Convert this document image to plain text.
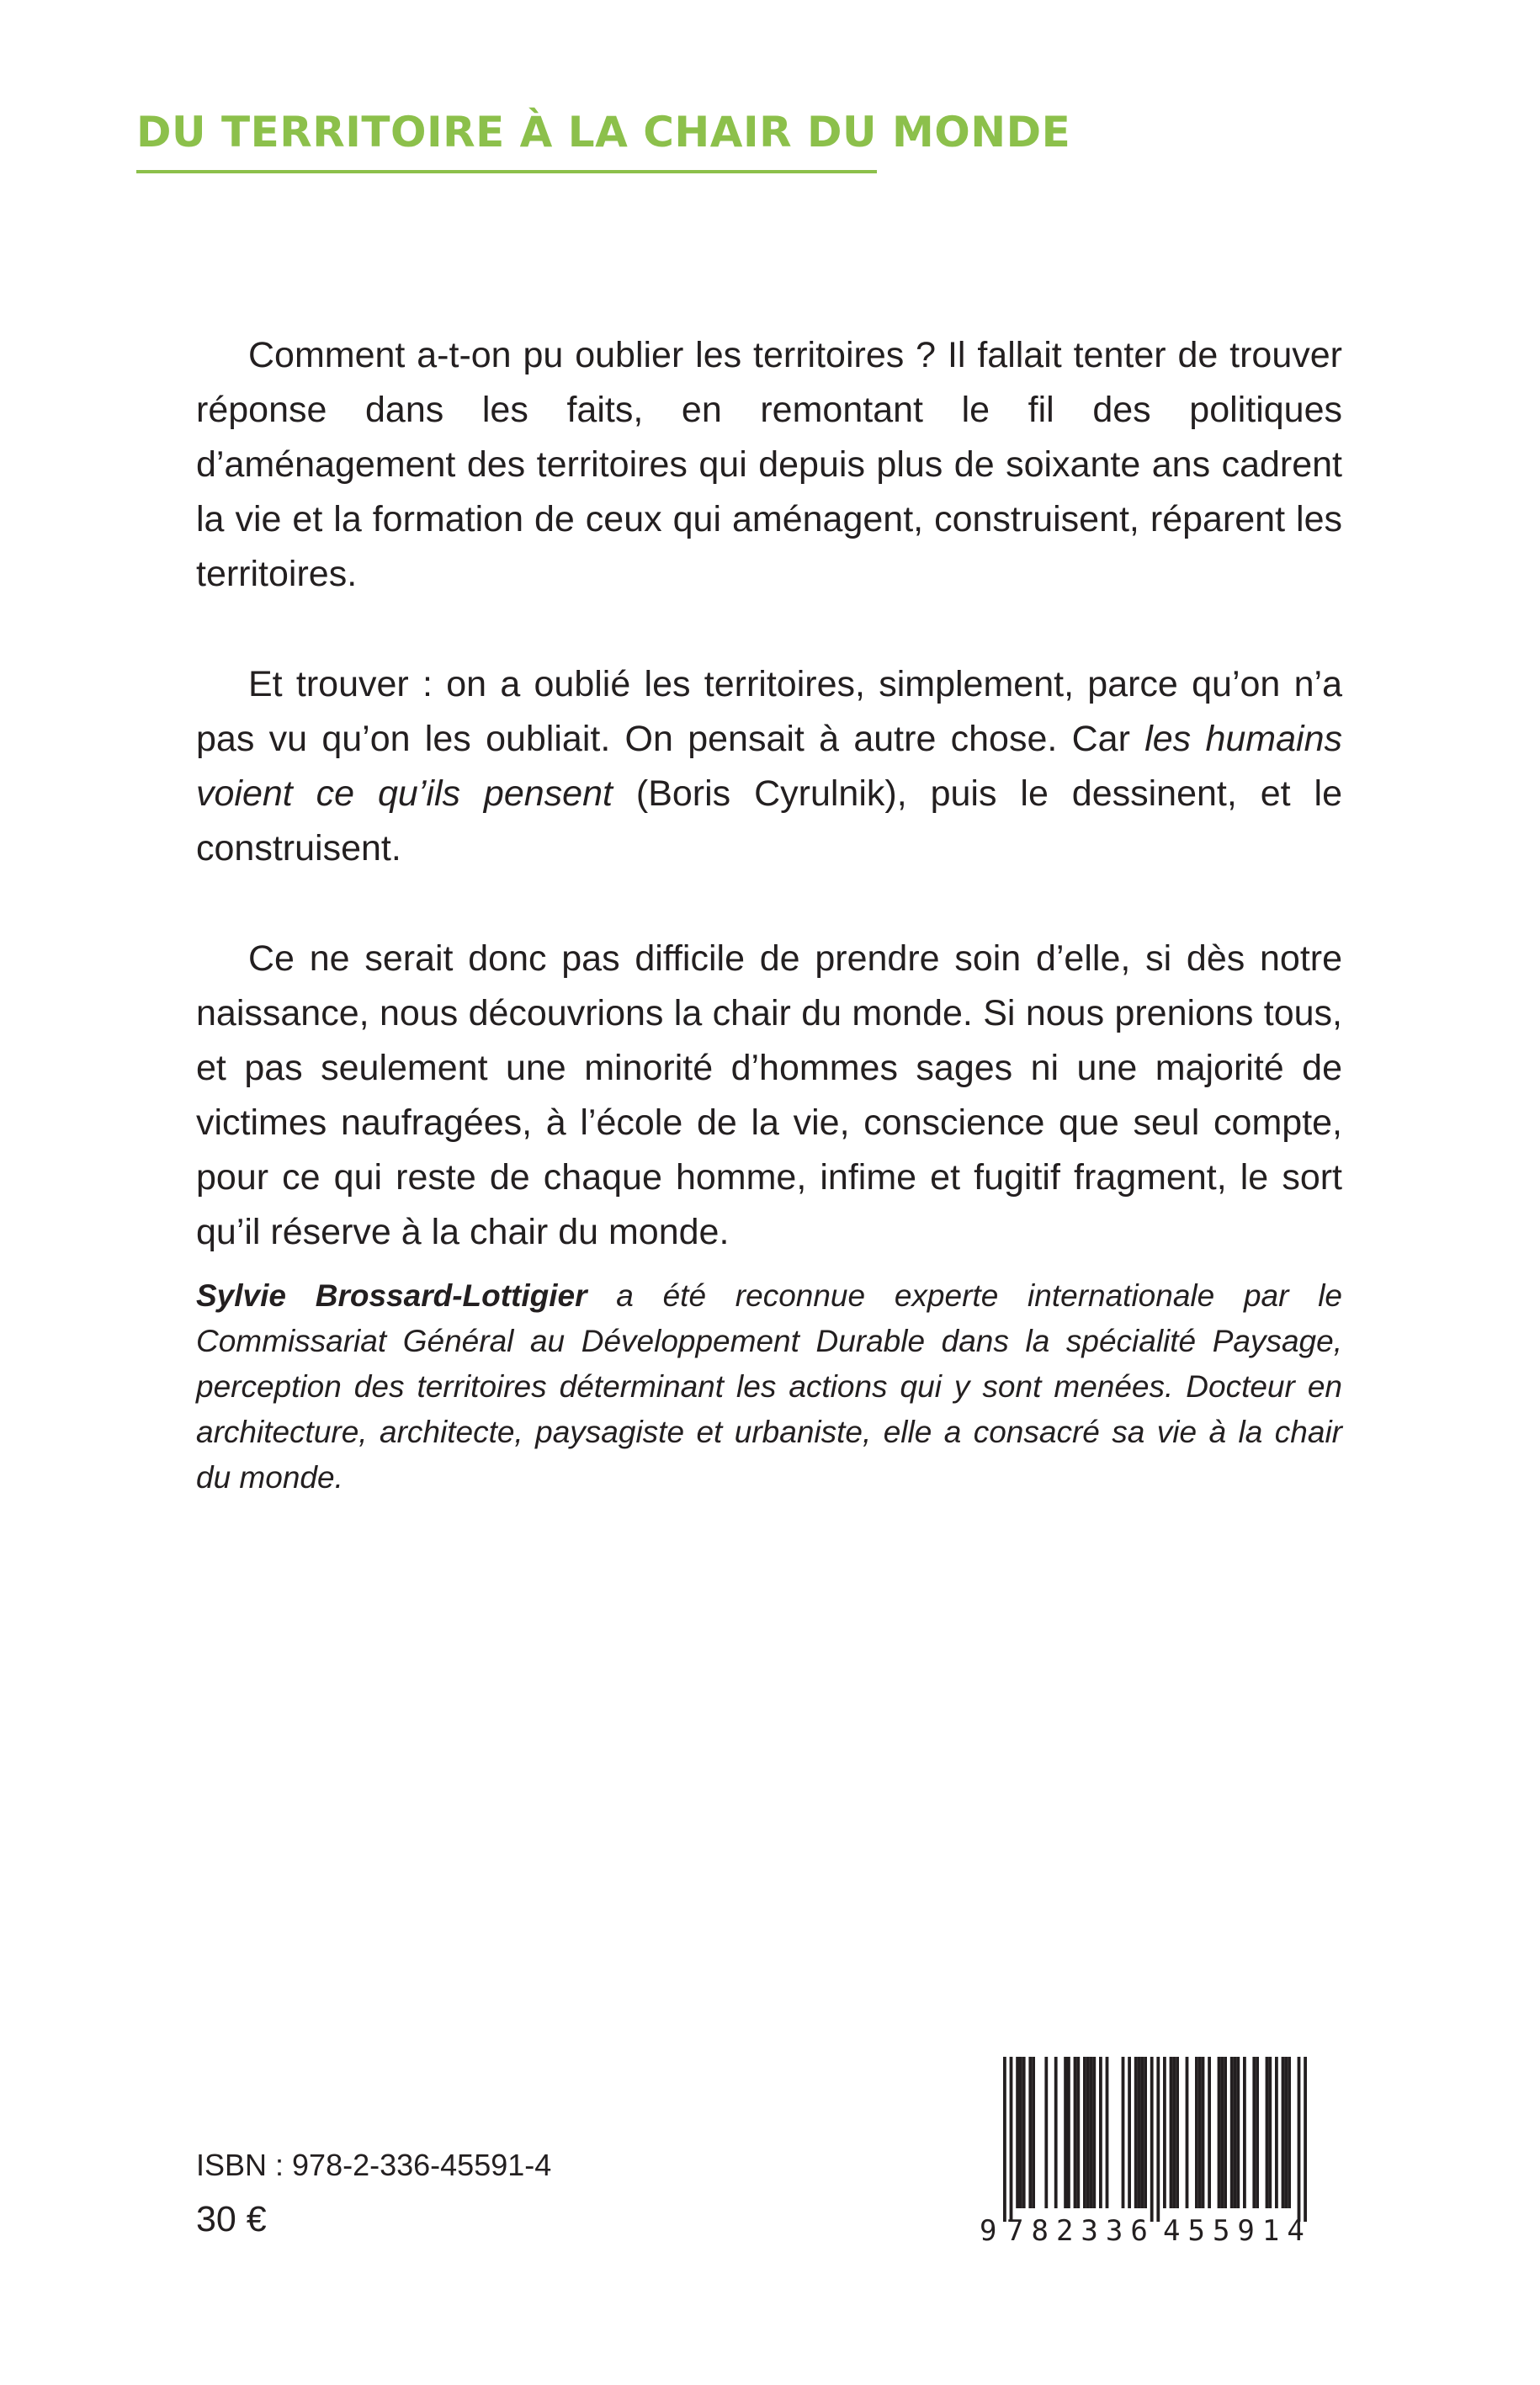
DU TERRITOIRE À LA CHAIR DU MONDE

Comment a-t-on pu oublier les territoires ? Il fallait tenter de trouver réponse dans les faits, en remontant le fil des politiques d’aménagement des territoires qui depuis plus de soixante ans cadrent la vie et la formation de ceux qui aménagent, construisent, réparent les territoires.

Et trouver : on a oublié les territoires, simplement, parce qu’on n’a pas vu qu’on les oubliait. On pensait à autre chose. Car les humains voient ce qu’ils pensent (Boris Cyrulnik), puis le dessinent, et le construisent.

Ce ne serait donc pas difficile de prendre soin d’elle, si dès notre naissance, nous découvrions la chair du monde. Si nous prenions tous, et pas seulement une minorité d’hommes sages ni une majorité de victimes naufragées, à l’école de la vie, conscience que seul compte, pour ce qui reste de chaque homme, infime et fugitif fragment, le sort qu’il réserve à la chair du monde.

Sylvie Brossard-Lottigier a été reconnue experte internationale par le Commissariat Général au Développement Durable dans la spécialité Paysage, perception des territoires déterminant les actions qui y sont menées. Docteur en architecture, architecte, paysagiste et urbaniste, elle a consacré sa vie à la chair du monde.

ISBN : 978-2-336-45591-4
30 €	9 782336 455914
